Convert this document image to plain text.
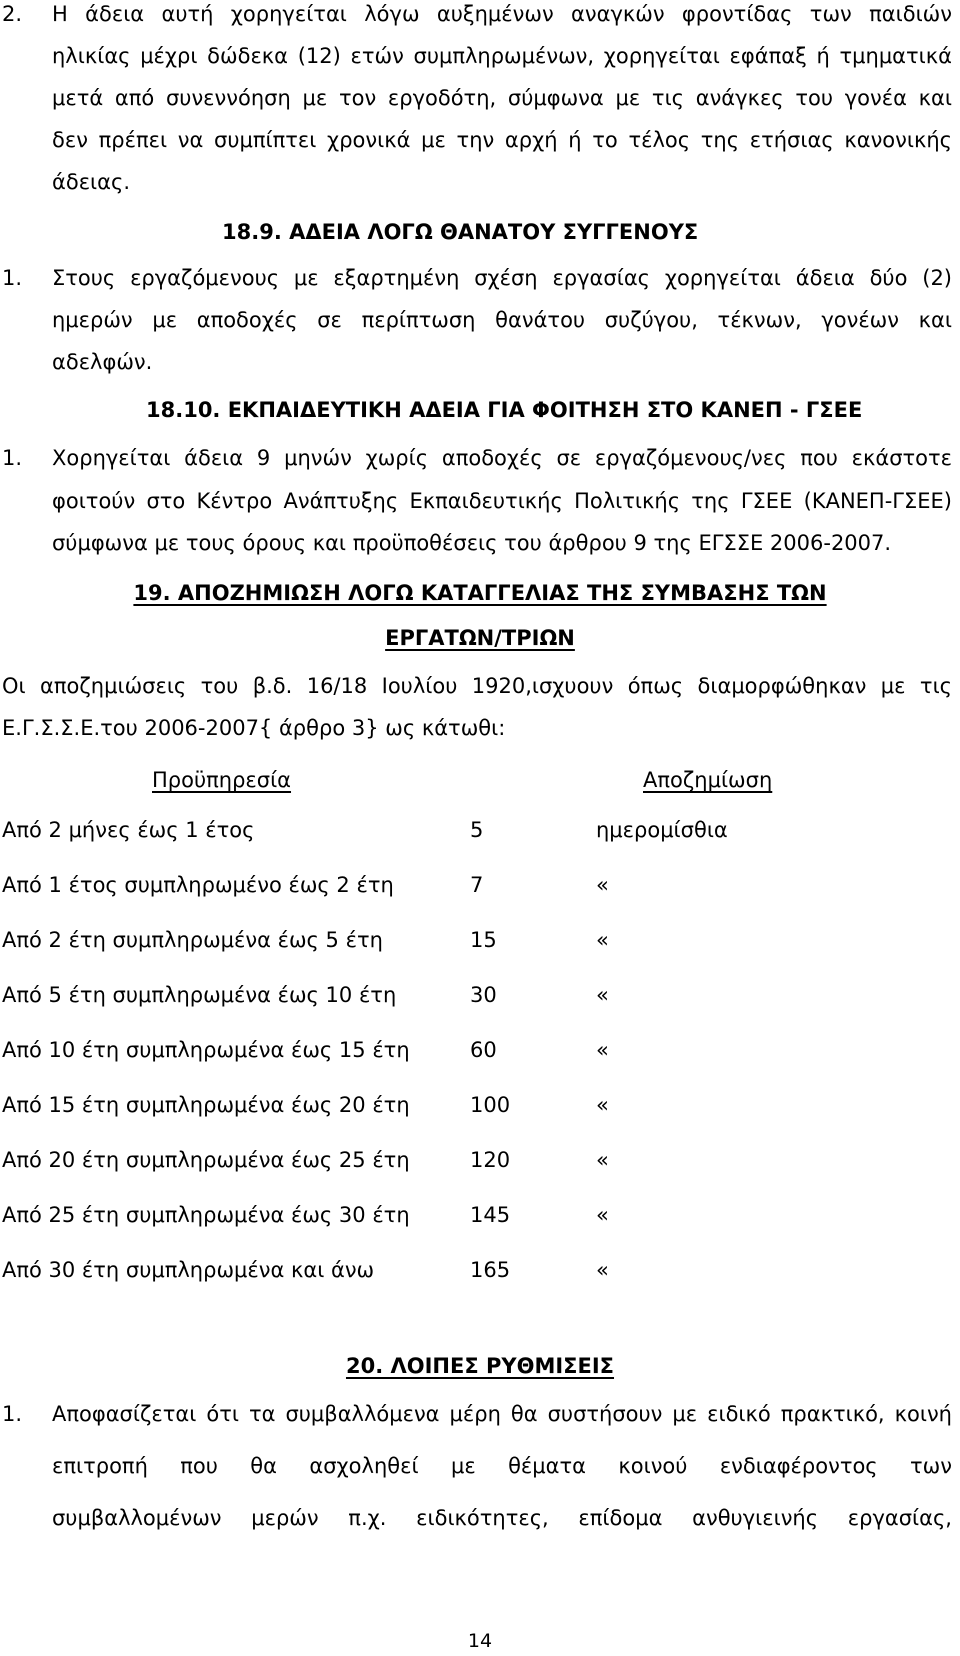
2. Η άδεια αυτή χορηγείται λόγω αυξημένων αναγκών φροντίδας των παιδιών
ηλικίας μέχρι δώδεκα (12) ετών συμπληρωμένων, χορηγείται εφάπαξ ή τμηματικά
μετά από συνεννόηση με τον εργοδότη, σύμφωνα με τις ανάγκες του γονέα και
δεν πρέπει να συμπίπτει χρονικά με την αρχή ή το τέλος της ετήσιας κανονικής
άδειας.
18.9. ΑΔΕΙΑ ΛΟΓΩ ΘΑΝΑΤΟΥ ΣΥΓΓΕΝΟΥΣ
1. Στους εργαζόμενους με εξαρτημένη σχέση εργασίας χορηγείται άδεια δύο (2)
ημερών με αποδοχές σε περίπτωση θανάτου συζύγου, τέκνων, γονέων και
αδελφών.
18.10. ΕΚΠΑΙΔΕΥΤΙΚΗ ΑΔΕΙΑ ΓΙΑ ΦΟΙΤΗΣΗ ΣΤΟ ΚΑΝΕΠ - ΓΣΕΕ
1. Χορηγείται άδεια 9 μηνών χωρίς αποδοχές σε εργαζόμενους/νες που εκάστοτε
φοιτούν στο Κέντρο Ανάπτυξης Εκπαιδευτικής Πολιτικής της ΓΣΕΕ (ΚΑΝΕΠ-ΓΣΕΕ)
σύμφωνα με τους όρους και προϋποθέσεις του άρθρου 9 της ΕΓΣΣΕ 2006-2007.
19. ΑΠΟΖΗΜΙΩΣΗ ΛΟΓΩ ΚΑΤΑΓΓΕΛΙΑΣ ΤΗΣ ΣΥΜΒΑΣΗΣ ΤΩΝ
ΕΡΓΑΤΩΝ/ΤΡΙΩΝ
Οι αποζημιώσεις του β.δ. 16/18 Ιουλίου 1920,ισχυουν όπως διαμορφώθηκαν με τις
Ε.Γ.Σ.Σ.Ε.του 2006-2007{ άρθρο 3} ως κάτωθι:
Προϋπηρεσία	Αποζημίωση
Από 2 μήνες έως 1 έτος	5	ημερομίσθια
Από 1 έτος συμπληρωμένο έως 2 έτη	7	«
Από 2 έτη συμπληρωμένα έως 5 έτη	15	«
Από 5 έτη συμπληρωμένα έως 10 έτη	30	«
Από 10 έτη συμπληρωμένα έως 15 έτη	60	«
Από 15 έτη συμπληρωμένα έως 20 έτη	100	«
Από 20 έτη συμπληρωμένα έως 25 έτη	120	«
Από 25 έτη συμπληρωμένα έως 30 έτη	145	«
Από 30 έτη συμπληρωμένα και άνω	165	«
20. ΛΟΙΠΕΣ ΡΥΘΜΙΣΕΙΣ
1. Αποφασίζεται ότι τα συμβαλλόμενα μέρη θα συστήσουν με ειδικό πρακτικό, κοινή
επιτροπή που θα ασχοληθεί με θέματα κοινού ενδιαφέροντος των
συμβαλλομένων μερών π.χ. ειδικότητες, επίδομα ανθυγιεινής εργασίας,
14
